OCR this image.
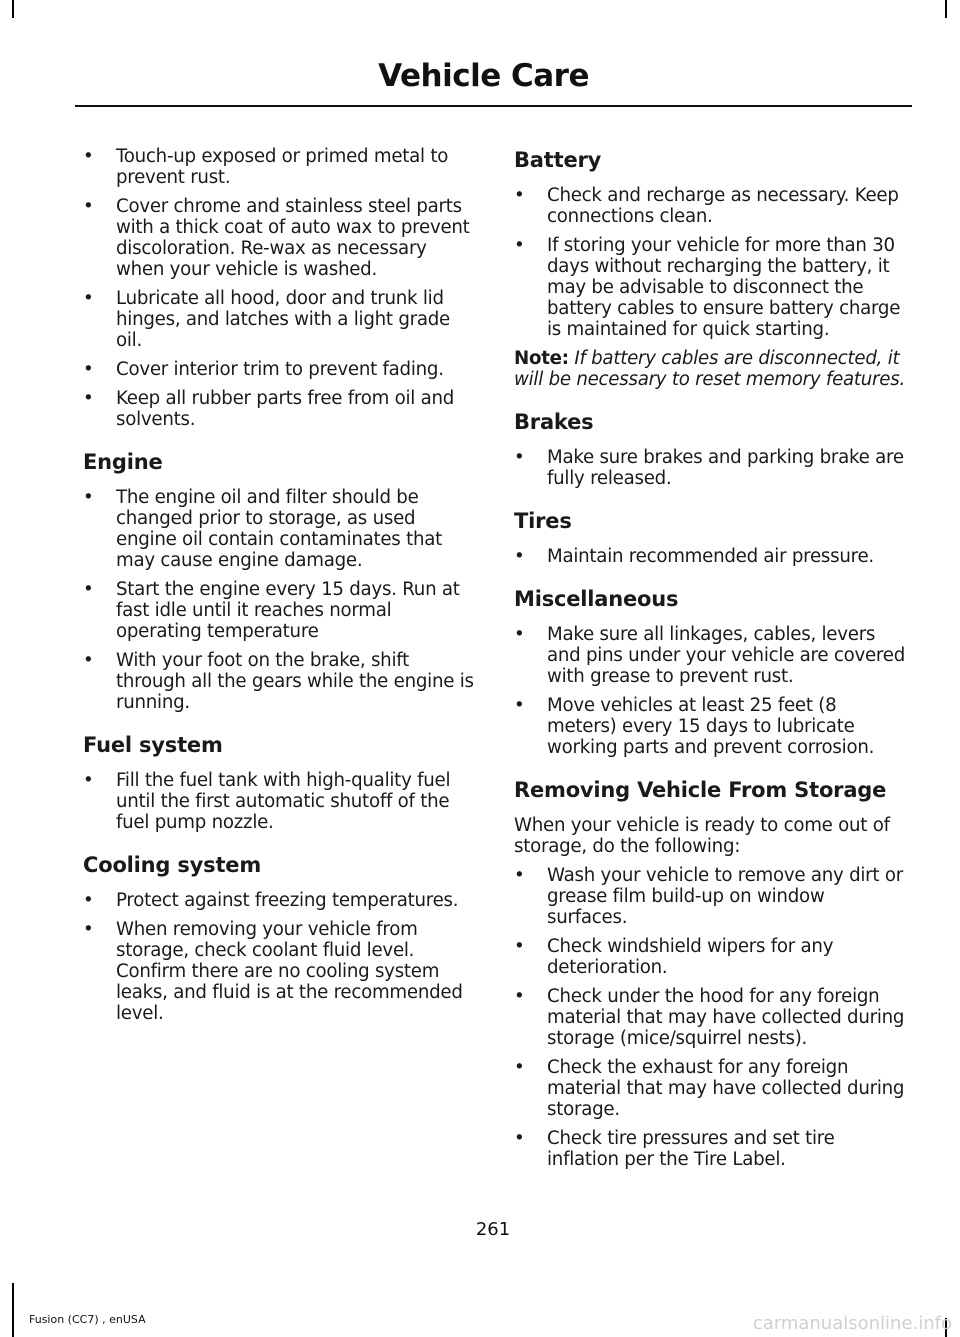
Vehicle Care
• Touch-up exposed or primed metal to prevent rust.
• Cover chrome and stainless steel parts with a thick coat of auto wax to prevent discoloration. Re-wax as necessary when your vehicle is washed.
• Lubricate all hood, door and trunk lid hinges, and latches with a light grade oil.
• Cover interior trim to prevent fading.
• Keep all rubber parts free from oil and solvents.
Engine
• The engine oil and filter should be changed prior to storage, as used engine oil contain contaminates that may cause engine damage.
• Start the engine every 15 days. Run at fast idle until it reaches normal operating temperature
• With your foot on the brake, shift through all the gears while the engine is running.
Fuel system
• Fill the fuel tank with high-quality fuel until the first automatic shutoff of the fuel pump nozzle.
Cooling system
• Protect against freezing temperatures.
• When removing your vehicle from storage, check coolant fluid level. Confirm there are no cooling system leaks, and fluid is at the recommended level.
Battery
• Check and recharge as necessary. Keep connections clean.
• If storing your vehicle for more than 30 days without recharging the battery, it may be advisable to disconnect the battery cables to ensure battery charge is maintained for quick starting.

Note: If battery cables are disconnected, it will be necessary to reset memory features.

Brakes
• Make sure brakes and parking brake are fully released.
Tires
• Maintain recommended air pressure.
Miscellaneous
• Make sure all linkages, cables, levers and pins under your vehicle are covered with grease to prevent rust.
• Move vehicles at least 25 feet (8 meters) every 15 days to lubricate working parts and prevent corrosion.
Removing Vehicle From Storage

When your vehicle is ready to come out of storage, do the following:

• Wash your vehicle to remove any dirt or grease film build-up on window surfaces.
• Check windshield wipers for any deterioration.
• Check under the hood for any foreign material that may have collected during storage (mice/squirrel nests).
• Check the exhaust for any foreign material that may have collected during storage.
• Check tire pressures and set tire inflation per the Tire Label.
261
Fusion (CC7) , enUSA	carmanualsonline.info
